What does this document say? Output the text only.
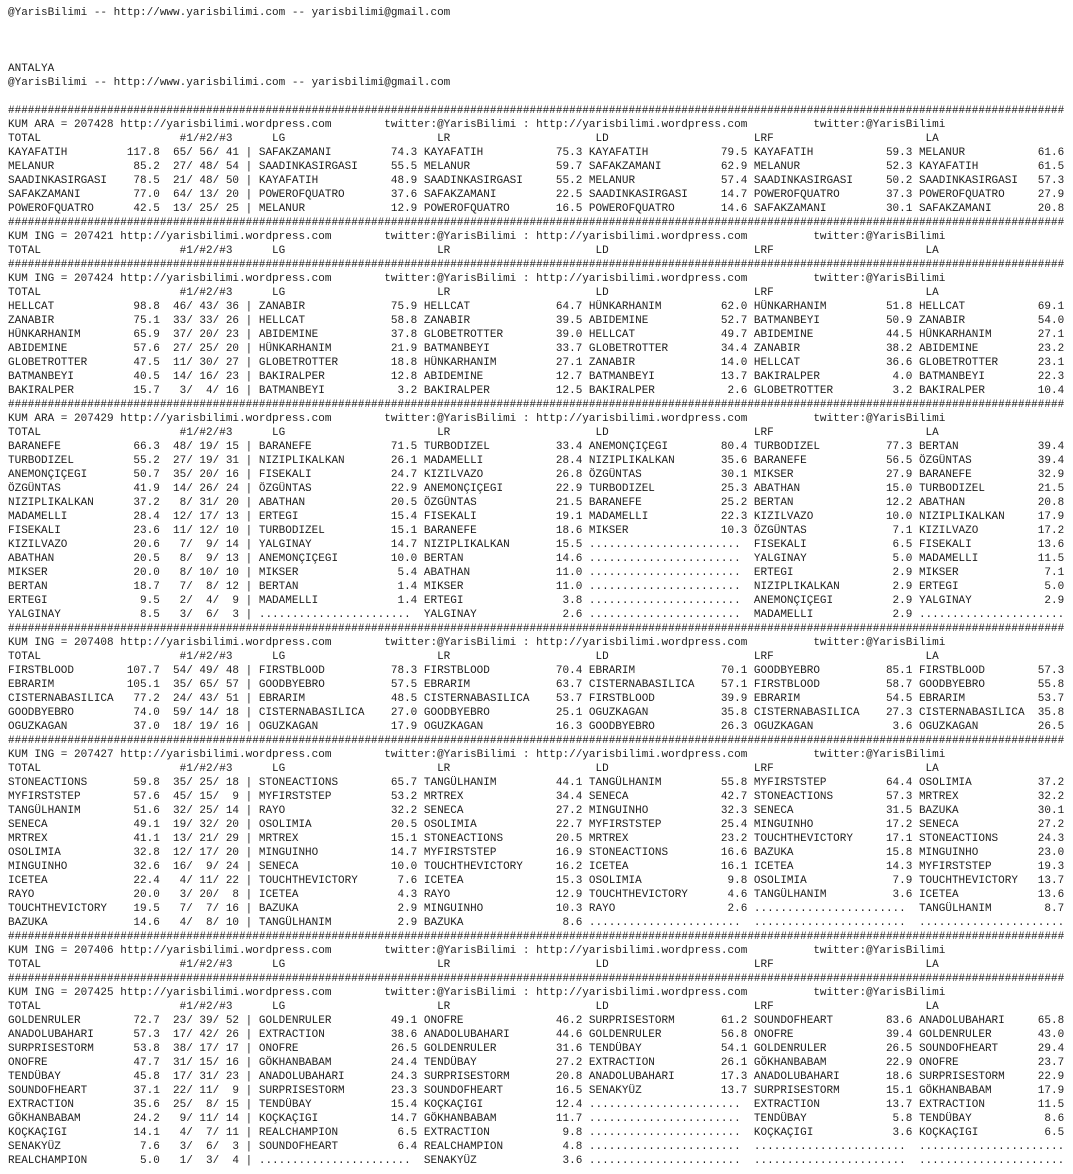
@YarisBilimi -- http://www.yarisbilimi.com -- yarisbilimi@gmail.com

ANTALYA
@YarisBilimi -- http://www.yarisbilimi.com -- yarisbilimi@gmail.com

################################################################################################################################################################
KUM ARA = 207428 http://yarisbilimi.wordpress.com        twitter:@YarisBilimi : http://yarisbilimi.wordpress.com          twitter:@YarisBilimi
TOTAL                     #1/#2/#3      LG                       LR                      LD                      LRF                       LA
KAYAFATIH         117.8  65/ 56/ 41 | SAFAKZAMANI         74.3 KAYAFATIH           75.3 KAYAFATIH           79.5 KAYAFATIH           59.3 MELANUR           61.6
MELANUR            85.2  27/ 48/ 54 | SAADINKASIRGASI     55.5 MELANUR             59.7 SAFAKZAMANI         62.9 MELANUR             52.3 KAYAFATIH         61.5
SAADINKASIRGASI    78.5  21/ 48/ 50 | KAYAFATIH           48.9 SAADINKASIRGASI     55.2 MELANUR             57.4 SAADINKASIRGASI     50.2 SAADINKASIRGASI   57.3
SAFAKZAMANI        77.0  64/ 13/ 20 | POWEROFQUATRO       37.6 SAFAKZAMANI         22.5 SAADINKASIRGASI     14.7 POWEROFQUATRO       37.3 POWEROFQUATRO     27.9
POWEROFQUATRO      42.5  13/ 25/ 25 | MELANUR             12.9 POWEROFQUATRO       16.5 POWEROFQUATRO       14.6 SAFAKZAMANI         30.1 SAFAKZAMANI       20.8
################################################################################################################################################################
KUM ING = 207421 http://yarisbilimi.wordpress.com        twitter:@YarisBilimi : http://yarisbilimi.wordpress.com          twitter:@YarisBilimi
TOTAL                     #1/#2/#3      LG                       LR                      LD                      LRF                       LA
################################################################################################################################################################
KUM ING = 207424 http://yarisbilimi.wordpress.com        twitter:@YarisBilimi : http://yarisbilimi.wordpress.com          twitter:@YarisBilimi
TOTAL                     #1/#2/#3      LG                       LR                      LD                      LRF                       LA
HELLCAT            98.8  46/ 43/ 36 | ZANABIR             75.9 HELLCAT             64.7 HÜNKARHANIM         62.0 HÜNKARHANIM         51.8 HELLCAT           69.1
ZANABIR            75.1  33/ 33/ 26 | HELLCAT             58.8 ZANABIR             39.5 ABIDEMINE           52.7 BATMANBEYI          50.9 ZANABIR           54.0
HÜNKARHANIM        65.9  37/ 20/ 23 | ABIDEMINE           37.8 GLOBETROTTER        39.0 HELLCAT             49.7 ABIDEMINE           44.5 HÜNKARHANIM       27.1
ABIDEMINE          57.6  27/ 25/ 20 | HÜNKARHANIM         21.9 BATMANBEYI          33.7 GLOBETROTTER        34.4 ZANABIR             38.2 ABIDEMINE         23.2
GLOBETROTTER       47.5  11/ 30/ 27 | GLOBETROTTER        18.8 HÜNKARHANIM         27.1 ZANABIR             14.0 HELLCAT             36.6 GLOBETROTTER      23.1
BATMANBEYI         40.5  14/ 16/ 23 | BAKIRALPER          12.8 ABIDEMINE           12.7 BATMANBEYI          13.7 BAKIRALPER           4.0 BATMANBEYI        22.3
BAKIRALPER         15.7   3/  4/ 16 | BATMANBEYI           3.2 BAKIRALPER          12.5 BAKIRALPER           2.6 GLOBETROTTER         3.2 BAKIRALPER        10.4
################################################################################################################################################################
KUM ARA = 207429 http://yarisbilimi.wordpress.com        twitter:@YarisBilimi : http://yarisbilimi.wordpress.com          twitter:@YarisBilimi
TOTAL                     #1/#2/#3      LG                       LR                      LD                      LRF                       LA
BARANEFE           66.3  48/ 19/ 15 | BARANEFE            71.5 TURBODIZEL          33.4 ANEMONÇIÇEGI        80.4 TURBODIZEL          77.3 BERTAN            39.4
TURBODIZEL         55.2  27/ 19/ 31 | NIZIPLIKALKAN       26.1 MADAMELLI           28.4 NIZIPLIKALKAN       35.6 BARANEFE            56.5 ÖZGÜNTAS          39.4
ANEMONÇIÇEGI       50.7  35/ 20/ 16 | FISEKALI            24.7 KIZILVAZO           26.8 ÖZGÜNTAS            30.1 MIKSER              27.9 BARANEFE          32.9
ÖZGÜNTAS           41.9  14/ 26/ 24 | ÖZGÜNTAS            22.9 ANEMONÇIÇEGI        22.9 TURBODIZEL          25.3 ABATHAN             15.0 TURBODIZEL        21.5
NIZIPLIKALKAN      37.2   8/ 31/ 20 | ABATHAN             20.5 ÖZGÜNTAS            21.5 BARANEFE            25.2 BERTAN              12.2 ABATHAN           20.8
MADAMELLI          28.4  12/ 17/ 13 | ERTEGI              15.4 FISEKALI            19.1 MADAMELLI           22.3 KIZILVAZO           10.0 NIZIPLIKALKAN     17.9
FISEKALI           23.6  11/ 12/ 10 | TURBODIZEL          15.1 BARANEFE            18.6 MIKSER              10.3 ÖZGÜNTAS             7.1 KIZILVAZO         17.2
KIZILVAZO          20.6   7/  9/ 14 | YALGINAY            14.7 NIZIPLIKALKAN       15.5 .......................  FISEKALI             6.5 FISEKALI          13.6
ABATHAN            20.5   8/  9/ 13 | ANEMONÇIÇEGI        10.0 BERTAN              14.6 .......................  YALGINAY             5.0 MADAMELLI         11.5
MIKSER             20.0   8/ 10/ 10 | MIKSER               5.4 ABATHAN             11.0 .......................  ERTEGI               2.9 MIKSER             7.1
BERTAN             18.7   7/  8/ 12 | BERTAN               1.4 MIKSER              11.0 .......................  NIZIPLIKALKAN        2.9 ERTEGI             5.0
ERTEGI              9.5   2/  4/  9 | MADAMELLI            1.4 ERTEGI               3.8 .......................  ANEMONÇIÇEGI         2.9 YALGINAY           2.9
YALGINAY            8.5   3/  6/  3 | .......................  YALGINAY             2.6 .......................  MADAMELLI            2.9 ......................
################################################################################################################################################################
KUM ING = 207408 http://yarisbilimi.wordpress.com        twitter:@YarisBilimi : http://yarisbilimi.wordpress.com          twitter:@YarisBilimi
TOTAL                     #1/#2/#3      LG                       LR                      LD                      LRF                       LA
FIRSTBLOOD        107.7  54/ 49/ 48 | FIRSTBLOOD          78.3 FIRSTBLOOD          70.4 EBRARIM             70.1 GOODBYEBRO          85.1 FIRSTBLOOD        57.3
EBRARIM           105.1  35/ 65/ 57 | GOODBYEBRO          57.5 EBRARIM             63.7 CISTERNABASILICA    57.1 FIRSTBLOOD          58.7 GOODBYEBRO        55.8
CISTERNABASILICA   77.2  24/ 43/ 51 | EBRARIM             48.5 CISTERNABASILICA    53.7 FIRSTBLOOD          39.9 EBRARIM             54.5 EBRARIM           53.7
GOODBYEBRO         74.0  59/ 14/ 18 | CISTERNABASILICA    27.0 GOODBYEBRO          25.1 OGUZKAGAN           35.8 CISTERNABASILICA    27.3 CISTERNABASILICA  35.8
OGUZKAGAN          37.0  18/ 19/ 16 | OGUZKAGAN           17.9 OGUZKAGAN           16.3 GOODBYEBRO          26.3 OGUZKAGAN            3.6 OGUZKAGAN         26.5
################################################################################################################################################################
KUM ING = 207427 http://yarisbilimi.wordpress.com        twitter:@YarisBilimi : http://yarisbilimi.wordpress.com          twitter:@YarisBilimi
TOTAL                     #1/#2/#3      LG                       LR                      LD                      LRF                       LA
STONEACTIONS       59.8  35/ 25/ 18 | STONEACTIONS        65.7 TANGÜLHANIM         44.1 TANGÜLHANIM         55.8 MYFIRSTSTEP         64.4 OSOLIMIA          37.2
MYFIRSTSTEP        57.6  45/ 15/  9 | MYFIRSTSTEP         53.2 MRTREX              34.4 SENECA              42.7 STONEACTIONS        57.3 MRTREX            32.2
TANGÜLHANIM        51.6  32/ 25/ 14 | RAYO                32.2 SENECA              27.2 MINGUINHO           32.3 SENECA              31.5 BAZUKA            30.1
SENECA             49.1  19/ 32/ 20 | OSOLIMIA            20.5 OSOLIMIA            22.7 MYFIRSTSTEP         25.4 MINGUINHO           17.2 SENECA            27.2
MRTREX             41.1  13/ 21/ 29 | MRTREX              15.1 STONEACTIONS        20.5 MRTREX              23.2 TOUCHTHEVICTORY     17.1 STONEACTIONS      24.3
OSOLIMIA           32.8  12/ 17/ 20 | MINGUINHO           14.7 MYFIRSTSTEP         16.9 STONEACTIONS        16.6 BAZUKA              15.8 MINGUINHO         23.0
MINGUINHO          32.6  16/  9/ 24 | SENECA              10.0 TOUCHTHEVICTORY     16.2 ICETEA              16.1 ICETEA              14.3 MYFIRSTSTEP       19.3
ICETEA             22.4   4/ 11/ 22 | TOUCHTHEVICTORY      7.6 ICETEA              15.3 OSOLIMIA             9.8 OSOLIMIA             7.9 TOUCHTHEVICTORY   13.7
RAYO               20.0   3/ 20/  8 | ICETEA               4.3 RAYO                12.9 TOUCHTHEVICTORY      4.6 TANGÜLHANIM          3.6 ICETEA            13.6
TOUCHTHEVICTORY    19.5   7/  7/ 16 | BAZUKA               2.9 MINGUINHO           10.3 RAYO                 2.6 .......................  TANGÜLHANIM        8.7
BAZUKA             14.6   4/  8/ 10 | TANGÜLHANIM          2.9 BAZUKA               8.6 .......................  .......................  ......................
################################################################################################################################################################
KUM ING = 207406 http://yarisbilimi.wordpress.com        twitter:@YarisBilimi : http://yarisbilimi.wordpress.com          twitter:@YarisBilimi
TOTAL                     #1/#2/#3      LG                       LR                      LD                      LRF                       LA
################################################################################################################################################################
KUM ING = 207425 http://yarisbilimi.wordpress.com        twitter:@YarisBilimi : http://yarisbilimi.wordpress.com          twitter:@YarisBilimi
TOTAL                     #1/#2/#3      LG                       LR                      LD                      LRF                       LA
GOLDENRULER        72.7  23/ 39/ 52 | GOLDENRULER         49.1 ONOFRE              46.2 SURPRISESTORM       61.2 SOUNDOFHEART        83.6 ANADOLUBAHARI     65.8
ANADOLUBAHARI      57.3  17/ 42/ 26 | EXTRACTION          38.6 ANADOLUBAHARI       44.6 GOLDENRULER         56.8 ONOFRE              39.4 GOLDENRULER       43.0
SURPRISESTORM      53.8  38/ 17/ 17 | ONOFRE              26.5 GOLDENRULER         31.6 TENDÜBAY            54.1 GOLDENRULER         26.5 SOUNDOFHEART      29.4
ONOFRE             47.7  31/ 15/ 16 | GÖKHANBABAM         24.4 TENDÜBAY            27.2 EXTRACTION          26.1 GÖKHANBABAM         22.9 ONOFRE            23.7
TENDÜBAY           45.8  17/ 31/ 23 | ANADOLUBAHARI       24.3 SURPRISESTORM       20.8 ANADOLUBAHARI       17.3 ANADOLUBAHARI       18.6 SURPRISESTORM     22.9
SOUNDOFHEART       37.1  22/ 11/  9 | SURPRISESTORM       23.3 SOUNDOFHEART        16.5 SENAKYÜZ            13.7 SURPRISESTORM       15.1 GÖKHANBABAM       17.9
EXTRACTION         35.6  25/  8/ 15 | TENDÜBAY            15.4 KOÇKAÇIGI           12.4 .......................  EXTRACTION          13.7 EXTRACTION        11.5
GÖKHANBABAM        24.2   9/ 11/ 14 | KOÇKAÇIGI           14.7 GÖKHANBABAM         11.7 .......................  TENDÜBAY             5.8 TENDÜBAY           8.6
KOÇKAÇIGI          14.1   4/  7/ 11 | REALCHAMPION         6.5 EXTRACTION           9.8 .......................  KOÇKAÇIGI            3.6 KOÇKAÇIGI          6.5
SENAKYÜZ            7.6   3/  6/  3 | SOUNDOFHEART         6.4 REALCHAMPION         4.8 .......................  .......................  ......................
REALCHAMPION        5.0   1/  3/  4 | .......................  SENAKYÜZ             3.6 .......................  .......................  ......................
